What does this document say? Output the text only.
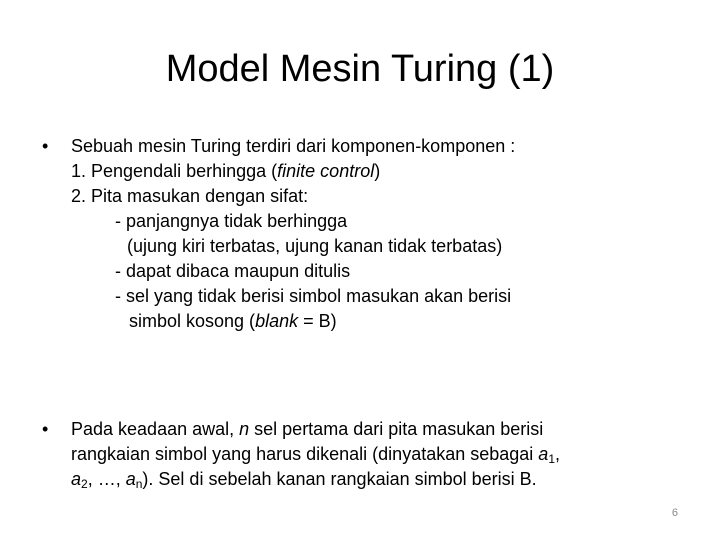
Model Mesin Turing (1)
• Sebuah mesin Turing terdiri dari komponen-komponen :
1. Pengendali berhingga (finite control)
2. Pita masukan dengan sifat:
- panjangnya tidak berhingga
(ujung kiri terbatas, ujung kanan tidak terbatas)
- dapat dibaca maupun ditulis
- sel yang tidak berisi simbol masukan akan berisi
simbol kosong (blank = B)
• Pada keadaan awal, n sel pertama dari pita masukan berisi
rangkaian simbol yang harus dikenali (dinyatakan sebagai $a_1$,
$a_2$, …, $a_n$). Sel di sebelah kanan rangkaian simbol berisi B.
6
